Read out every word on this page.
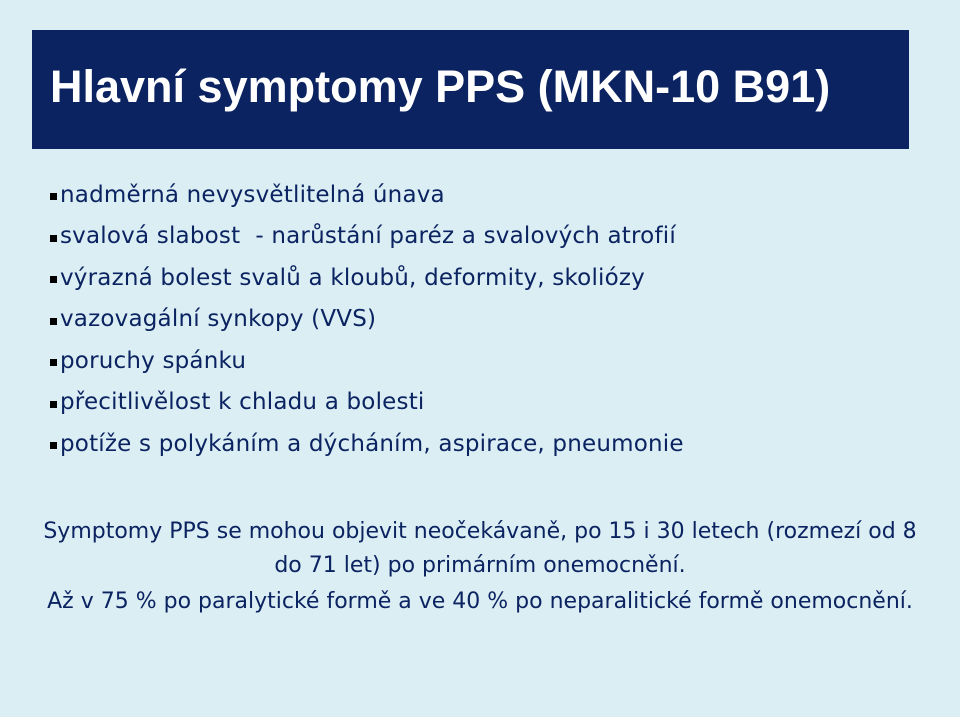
Hlavní symptomy PPS (MKN-10 B91)
nadměrná nevysvětlitelná únava
svalová slabost  - narůstání paréz a svalových atrofií
výrazná bolest svalů a kloubů, deformity, skoliózy
vazovagální synkopy (VVS)
poruchy spánku
přecitlivělost k chladu a bolesti
potíže s polykáním a dýcháním, aspirace, pneumonie

Symptomy PPS se mohou objevit neočekávaně, po 15 i 30 letech (rozmezí od 8 do 71 let) po primárním onemocnění.

Až v 75 % po paralytické formě a ve 40 % po neparalitické formě onemocnění.
